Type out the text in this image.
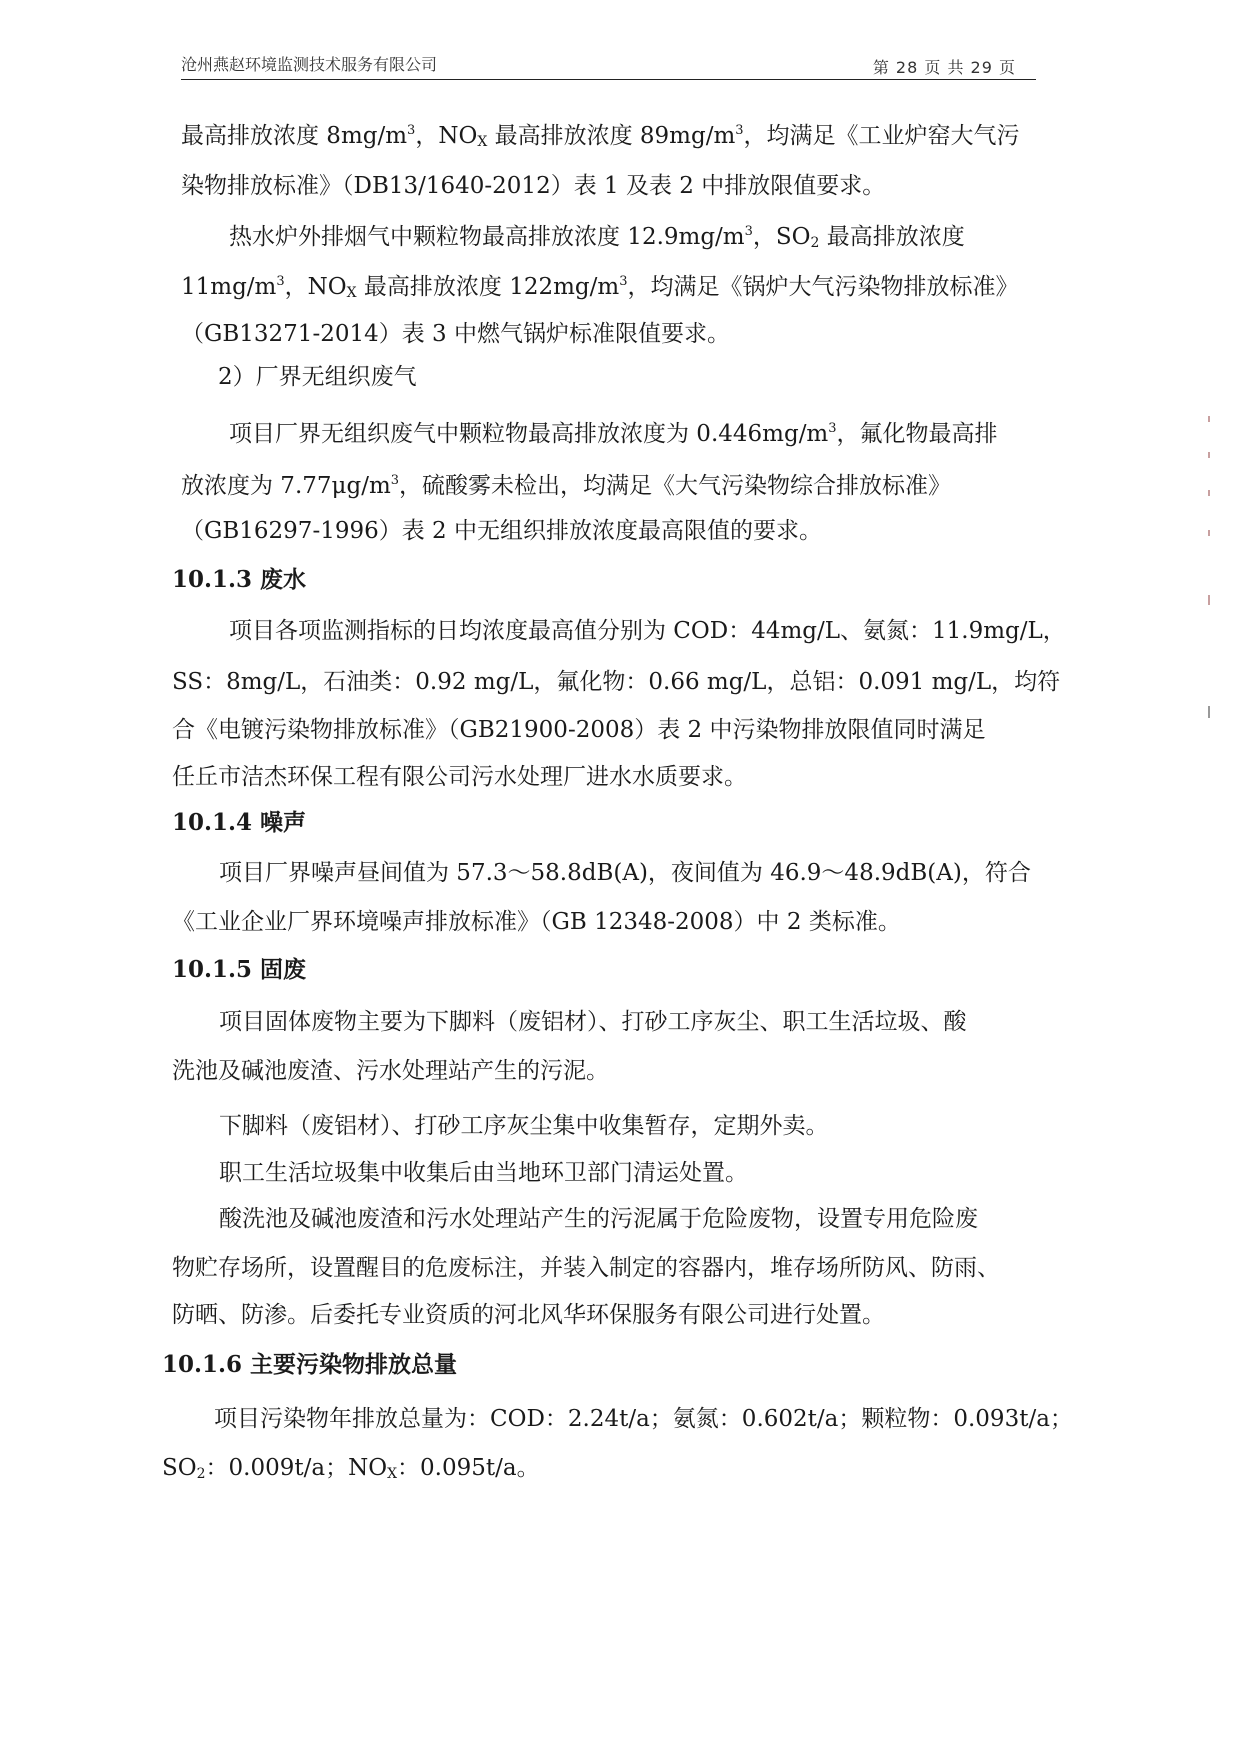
沧州燕赵环境监测技术服务有限公司	第 28 页 共 29 页
最高排放浓度 $8mg/m^3$，$NO_X$ 最高排放浓度 $89mg/m^3$，均满足《工业炉窑大气污
染物排放标准》（DB13/1640-2012）表 1 及表 2 中排放限值要求。
热水炉外排烟气中颗粒物最高排放浓度 $12.9mg/m^3$，$SO_2$ 最高排放浓度
$11mg/m^3$，$NO_X$ 最高排放浓度 $122mg/m^3$，均满足《锅炉大气污染物排放标准》
（GB13271-2014）表 3 中燃气锅炉标准限值要求。
2）厂界无组织废气
项目厂界无组织废气中颗粒物最高排放浓度为 $0.446mg/m^3$，氟化物最高排
放浓度为 $7.77\mu g/m^3$，硫酸雾未检出，均满足《大气污染物综合排放标准》
（GB16297-1996）表 2 中无组织排放浓度最高限值的要求。
10.1.3 废水
项目各项监测指标的日均浓度最高值分别为 COD：44mg/L、氨氮：11.9mg/L，
SS：8mg/L，石油类：0.92 mg/L，氟化物：0.66 mg/L，总铝：0.091 mg/L，均符
合《电镀污染物排放标准》（GB21900-2008）表 2 中污染物排放限值同时满足
任丘市洁杰环保工程有限公司污水处理厂进水水质要求。
10.1.4 噪声
项目厂界噪声昼间值为 57.3～58.8dB(A)，夜间值为 46.9～48.9dB(A)，符合
《工业企业厂界环境噪声排放标准》（GB 12348-2008）中 2 类标准。
10.1.5 固废
项目固体废物主要为下脚料（废铝材）、打砂工序灰尘、职工生活垃圾、酸
洗池及碱池废渣、污水处理站产生的污泥。
下脚料（废铝材）、打砂工序灰尘集中收集暂存，定期外卖。
职工生活垃圾集中收集后由当地环卫部门清运处置。
酸洗池及碱池废渣和污水处理站产生的污泥属于危险废物，设置专用危险废
物贮存场所，设置醒目的危废标注，并装入制定的容器内，堆存场所防风、防雨、
防晒、防渗。后委托专业资质的河北风华环保服务有限公司进行处置。
10.1.6 主要污染物排放总量
项目污染物年排放总量为：COD：2.24t/a；氨氮：0.602t/a；颗粒物：0.093t/a；
$SO_2$：0.009t/a；$NO_X$：0.095t/a。
